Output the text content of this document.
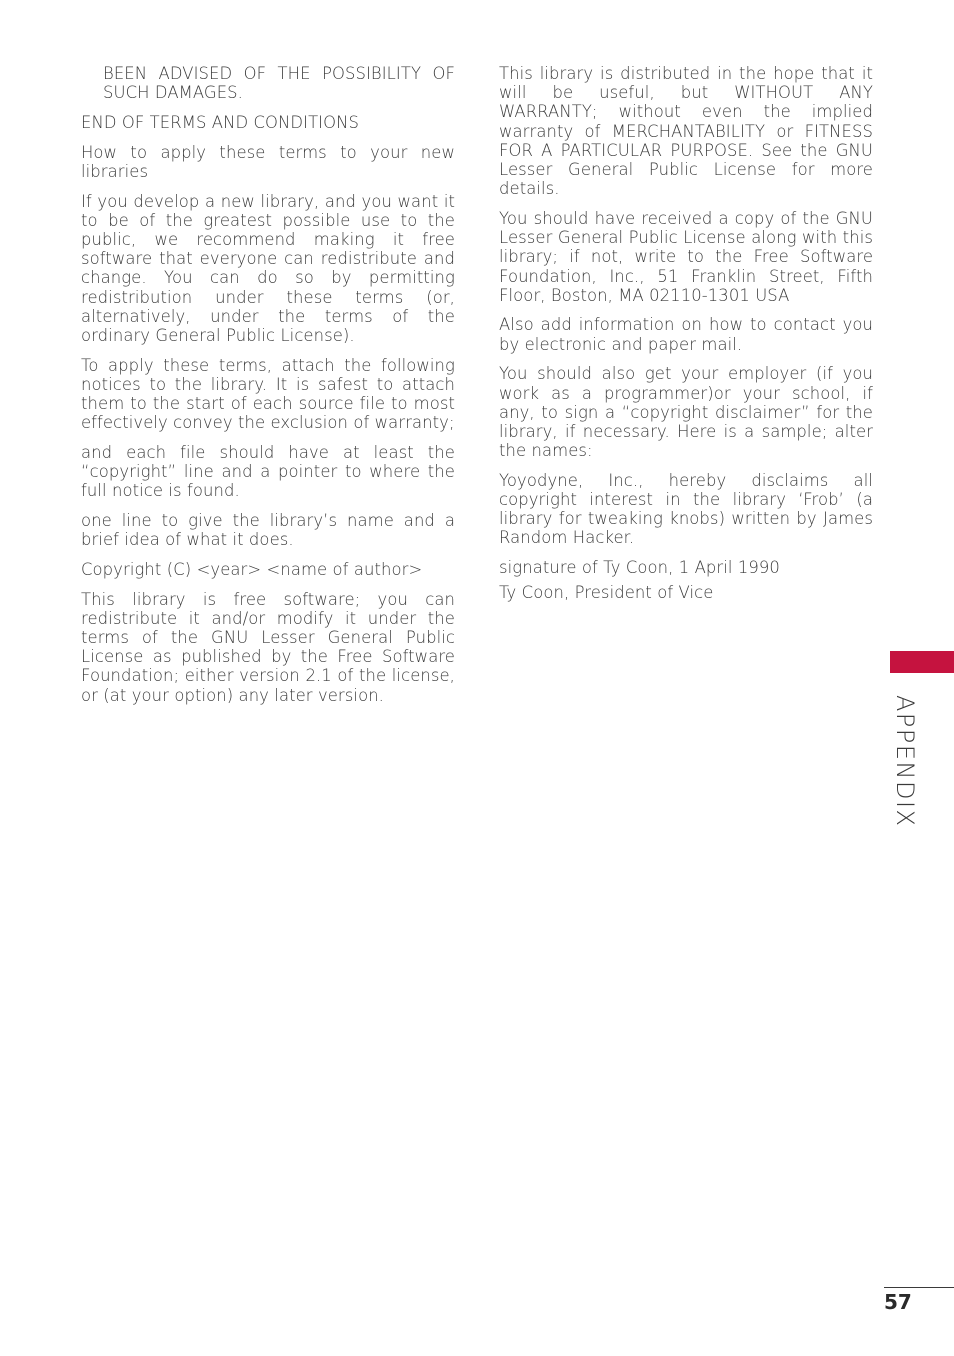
BEEN ADVISED OF THE POSSIBILITY OF SUCH DAMAGES.

END OF TERMS AND CONDITIONS

How to apply these terms to your new libraries

If you develop a new library, and you want it to be of the greatest possible use to the public, we recommend making it free software that everyone can redistribute and change. You can do so by permitting redistribution under these terms (or, alternatively, under the terms of the ordinary General Public License).

To apply these terms, attach the following notices to the library. It is safest to attach them to the start of each source file to most effectively convey the exclusion of warranty;

and each file should have at least the “copyright” line and a pointer to where the full notice is found.

one line to give the library’s name and a brief idea of what it does.

Copyright (C) <year> <name of author>

This library is free software; you can redistribute it and/or modify it under the terms of the GNU Lesser General Public License as published by the Free Software Foundation; either version 2.1 of the license, or (at your option) any later version.

This library is distributed in the hope that it will be useful, but WITHOUT ANY WARRANTY; without even the implied warranty of MERCHANTABILITY or FITNESS FOR A PARTICULAR PURPOSE. See the GNU Lesser General Public License for more details.

You should have received a copy of the GNU Lesser General Public License along with this library; if not, write to the Free Software Foundation, Inc., 51 Franklin Street, Fifth Floor, Boston, MA 02110-1301 USA

Also add information on how to contact you by electronic and paper mail.

You should also get your employer (if you work as a programmer)or your school, if any, to sign a “copyright disclaimer” for the library, if necessary. Here is a sample; alter the names:

Yoyodyne, Inc., hereby disclaims all copyright interest in the library ‘Frob’ (a library for tweaking knobs) written by James Random Hacker.

signature of Ty Coon, 1 April 1990

Ty Coon, President of Vice

APPENDIX
57
